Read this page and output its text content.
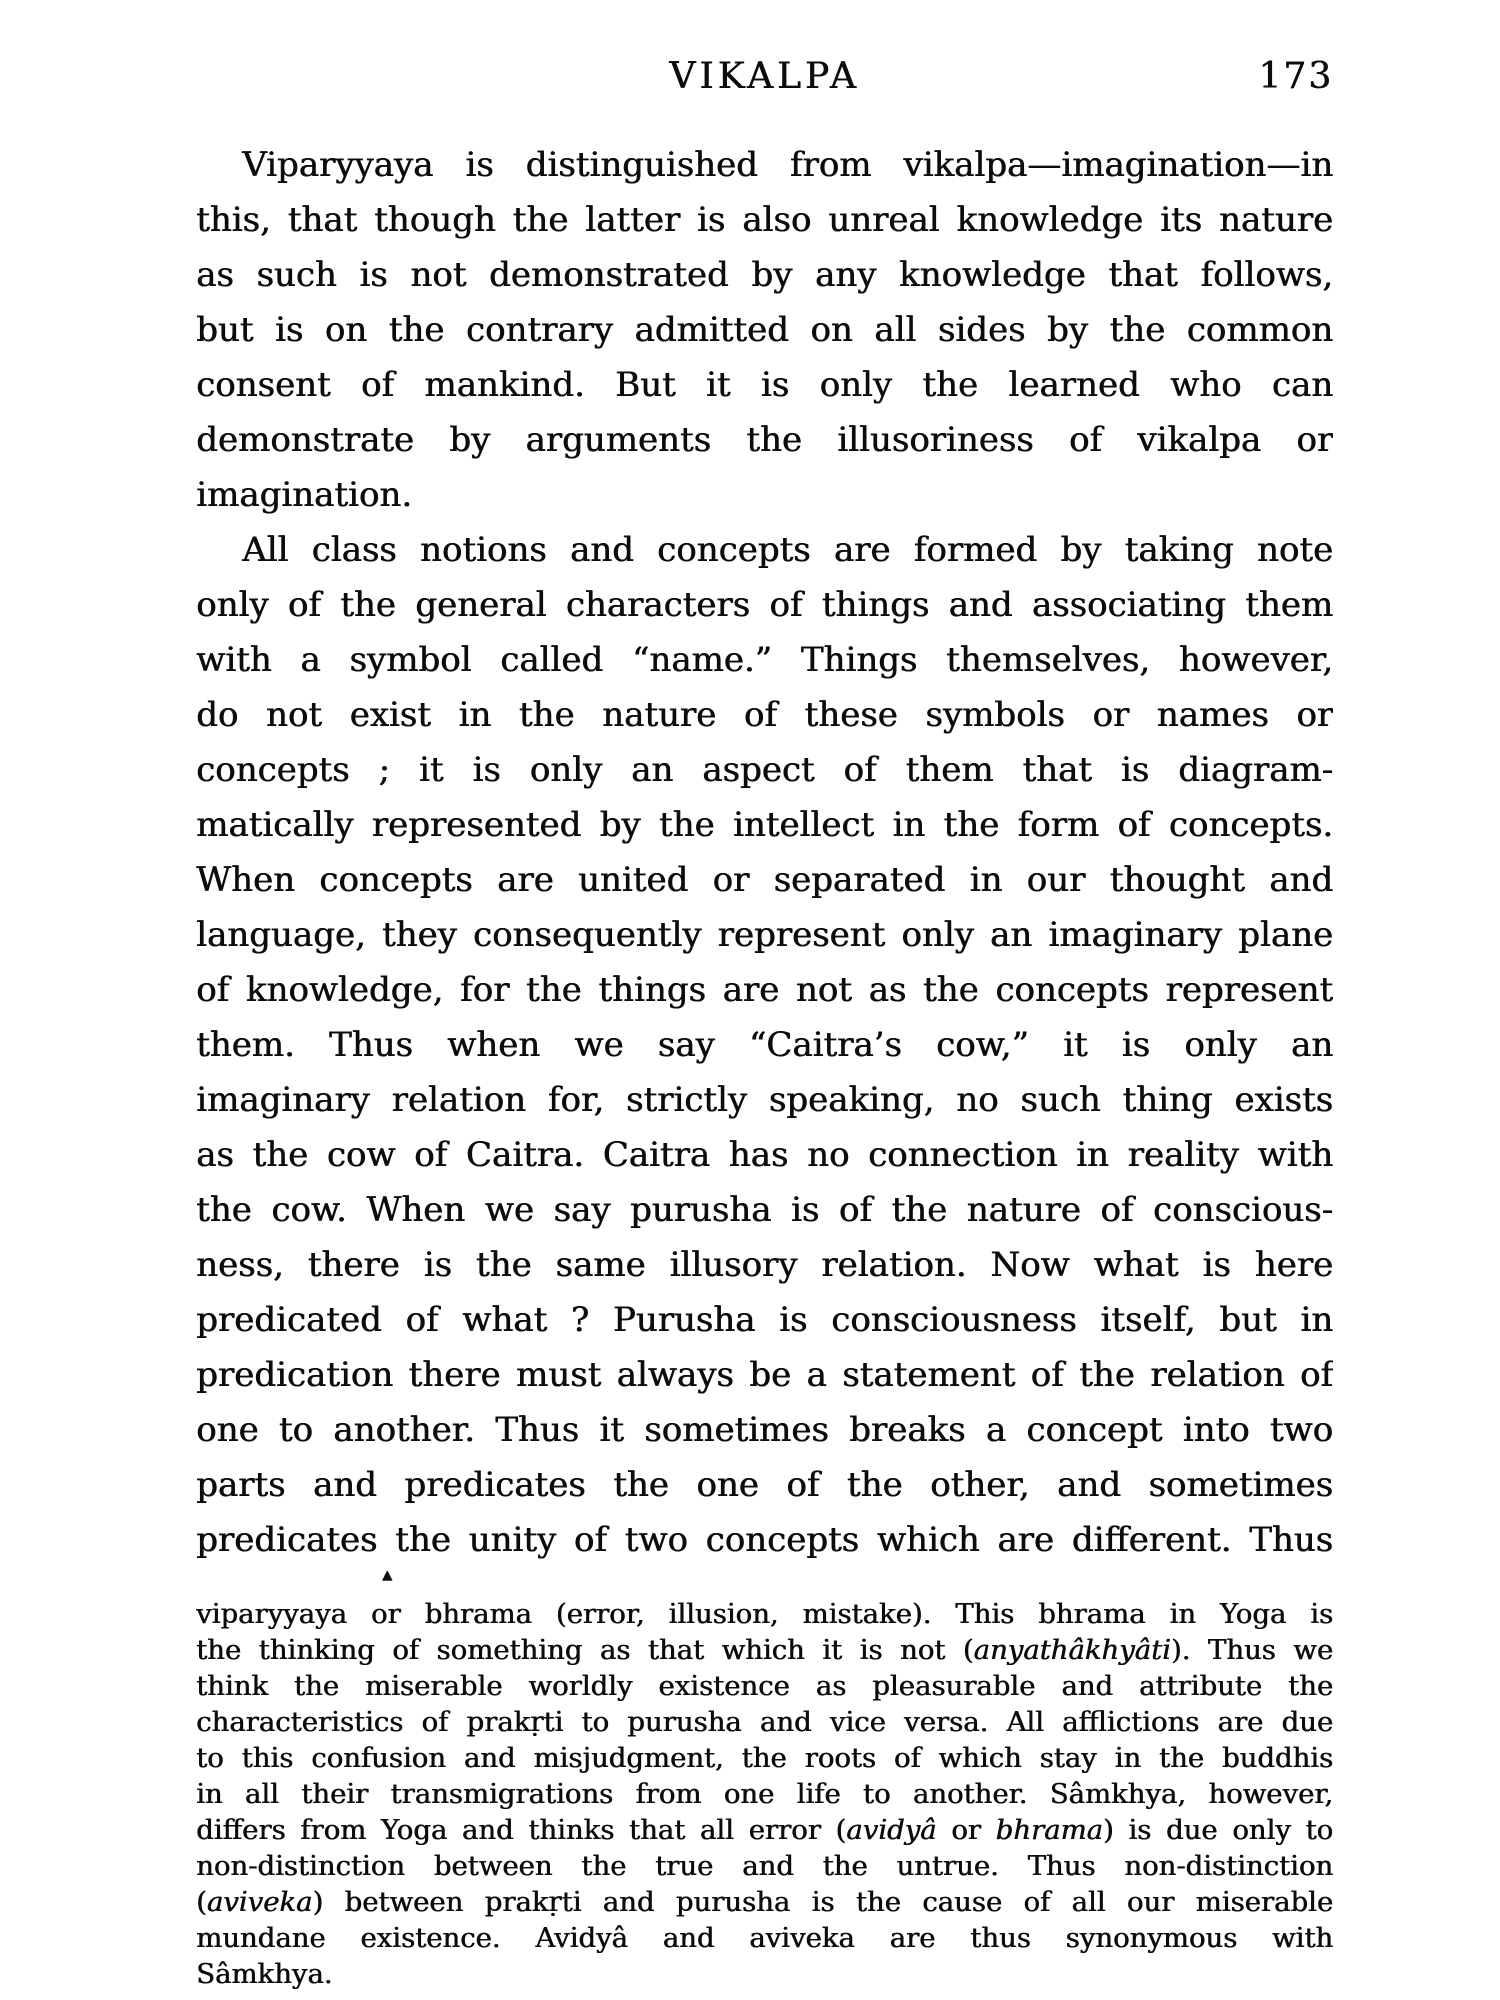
VIKALPA	173
Viparyyaya is distinguished from vikalpa—imagination—in
this, that though the latter is also unreal knowledge its nature
as such is not demonstrated by any knowledge that follows,
but is on the contrary admitted on all sides by the common
consent of mankind. But it is only the learned who can
demonstrate by arguments the illusoriness of vikalpa or
imagination.
All class notions and concepts are formed by taking note
only of the general characters of things and associating them
with a symbol called “name.” Things themselves, however,
do not exist in the nature of these symbols or names or
concepts ; it is only an aspect of them that is diagram-
matically represented by the intellect in the form of concepts.
When concepts are united or separated in our thought and
language, they consequently represent only an imaginary plane
of knowledge, for the things are not as the concepts represent
them. Thus when we say “Caitra’s cow,” it is only an
imaginary relation for, strictly speaking, no such thing exists
as the cow of Caitra. Caitra has no connection in reality with
the cow. When we say purusha is of the nature of conscious-
ness, there is the same illusory relation. Now what is here
predicated of what ? Purusha is consciousness itself, but in
predication there must always be a statement of the relation of
one to another. Thus it sometimes breaks a concept into two
parts and predicates the one of the other, and sometimes
predicates the unity of two concepts which are different. Thus
▲
viparyyaya or bhrama (error, illusion, mistake). This bhrama in Yoga is
the thinking of something as that which it is not (anyathâkhyâti). Thus we
think the miserable worldly existence as pleasurable and attribute the
characteristics of prakṛti to purusha and vice versa. All afflictions are due
to this confusion and misjudgment, the roots of which stay in the buddhis
in all their transmigrations from one life to another. Sâmkhya, however,
differs from Yoga and thinks that all error (avidyâ or bhrama) is due only to
non-distinction between the true and the untrue. Thus non-distinction
(aviveka) between prakṛti and purusha is the cause of all our miserable
mundane existence. Avidyâ and aviveka are thus synonymous with
Sâmkhya.
